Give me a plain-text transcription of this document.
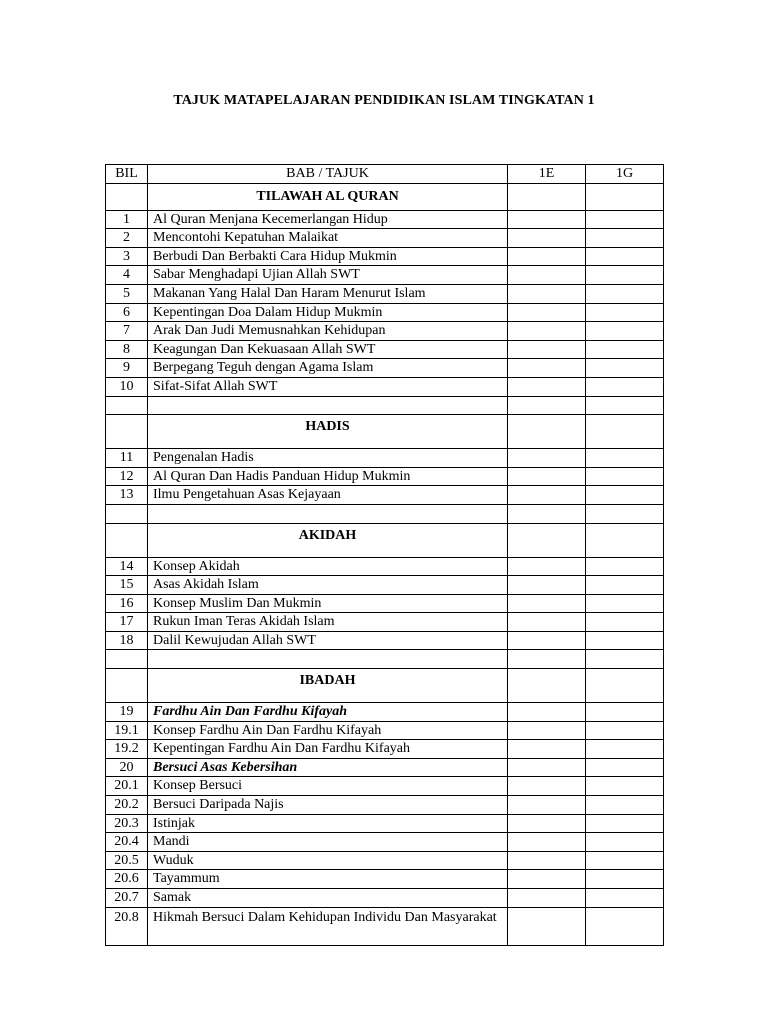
TAJUK MATAPELAJARAN PENDIDIKAN ISLAM TINGKATAN 1
BIL	BAB / TAJUK	1E	1G
	TILAWAH AL QURAN		
1	Al Quran Menjana Kecemerlangan Hidup		
2	Mencontohi Kepatuhan Malaikat		
3	Berbudi Dan Berbakti Cara Hidup Mukmin		
4	Sabar Menghadapi Ujian Allah SWT		
5	Makanan Yang Halal Dan Haram Menurut Islam		
6	Kepentingan Doa Dalam Hidup Mukmin		
7	Arak Dan Judi Memusnahkan Kehidupan		
8	Keagungan Dan Kekuasaan Allah SWT		
9	Berpegang Teguh dengan Agama Islam		
10	Sifat-Sifat Allah SWT		

	HADIS		
11	Pengenalan Hadis		
12	Al Quran Dan Hadis Panduan Hidup Mukmin		
13	Ilmu Pengetahuan Asas Kejayaan		

	AKIDAH		
14	Konsep Akidah		
15	Asas Akidah Islam		
16	Konsep Muslim Dan Mukmin		
17	Rukun Iman Teras Akidah Islam		
18	Dalil Kewujudan Allah SWT		

	IBADAH		
19	Fardhu Ain Dan Fardhu Kifayah		
19.1	Konsep Fardhu Ain Dan Fardhu Kifayah		
19.2	Kepentingan Fardhu Ain Dan Fardhu Kifayah		
20	Bersuci Asas Kebersihan		
20.1	Konsep Bersuci		
20.2	Bersuci Daripada Najis		
20.3	Istinjak		
20.4	Mandi		
20.5	Wuduk		
20.6	Tayammum		
20.7	Samak		
20.8	Hikmah Bersuci Dalam Kehidupan Individu Dan Masyarakat		
